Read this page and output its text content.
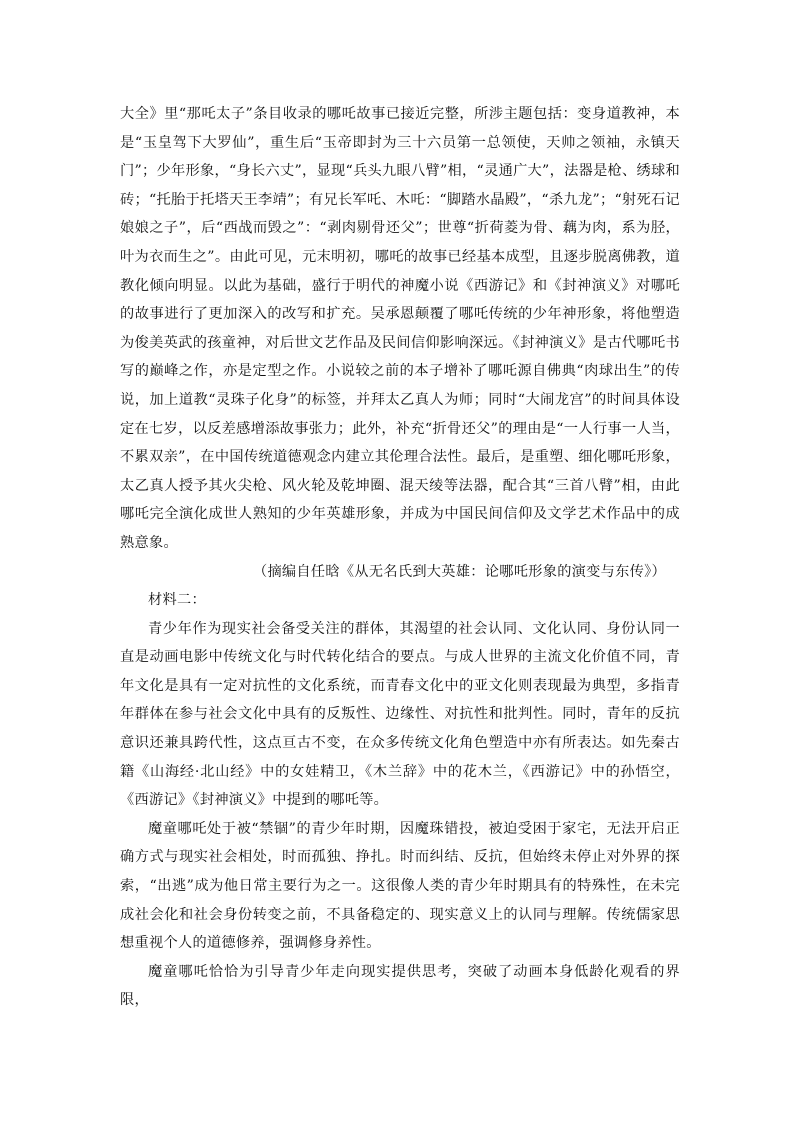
大全》里“那吒太子”条目收录的哪吒故事已接近完整，所涉主题包括：变身道教神，本是“玉皇驾下大罗仙”，重生后“玉帝即封为三十六员第一总领使，天帅之领袖，永镇天门”；少年形象，“身长六丈”，显现“兵头九眼八臂”相，“灵通广大”，法器是枪、绣球和砖；“托胎于托塔天王李靖”；有兄长军吒、木吒：“脚踏水晶殿”，“杀九龙”；“射死石记娘娘之子”，后“西战而毁之”：“剥肉剔骨还父”；世尊“折荷菱为骨、藕为肉，系为胫，叶为衣而生之”。由此可见，元末明初，哪吒的故事已经基本成型，且逐步脱离佛教，道教化倾向明显。以此为基础，盛行于明代的神魔小说《西游记》和《封神演义》对哪吒的故事进行了更加深入的改写和扩充。吴承恩颠覆了哪吒传统的少年神形象，将他塑造为俊美英武的孩童神，对后世文艺作品及民间信仰影响深远。《封神演义》是古代哪吒书写的巅峰之作，亦是定型之作。小说较之前的本子增补了哪吒源自佛典“肉球出生”的传说，加上道教“灵珠子化身”的标签，并拜太乙真人为师；同时“大闹龙宫”的时间具体设定在七岁，以反差感增添故事张力；此外，补充“折骨还父”的理由是“一人行事一人当，不累双亲”，在中国传统道德观念内建立其伦理合法性。最后，是重塑、细化哪吒形象，太乙真人授予其火尖枪、风火轮及乾坤圈、混天绫等法器，配合其“三首八臂”相，由此哪吒完全演化成世人熟知的少年英雄形象，并成为中国民间信仰及文学艺术作品中的成熟意象。

（摘编自任晗《从无名氏到大英雄：论哪吒形象的演变与东传》）

材料二：

青少年作为现实社会备受关注的群体，其渴望的社会认同、文化认同、身份认同一直是动画电影中传统文化与时代转化结合的要点。与成人世界的主流文化价值不同，青年文化是具有一定对抗性的文化系统，而青春文化中的亚文化则表现最为典型，多指青年群体在参与社会文化中具有的反叛性、边缘性、对抗性和批判性。同时，青年的反抗意识还兼具跨代性，这点亘古不变，在众多传统文化角色塑造中亦有所表达。如先秦古籍《山海经·北山经》中的女娃精卫，《木兰辞》中的花木兰，《西游记》中的孙悟空，《西游记》《封神演义》中提到的哪吒等。

魔童哪吒处于被“禁锢”的青少年时期，因魔珠错投，被迫受困于家宅，无法开启正确方式与现实社会相处，时而孤独、挣扎。时而纠结、反抗，但始终未停止对外界的探索，“出逃”成为他日常主要行为之一。这很像人类的青少年时期具有的特殊性，在未完成社会化和社会身份转变之前，不具备稳定的、现实意义上的认同与理解。传统儒家思想重视个人的道德修养，强调修身养性。

魔童哪吒恰恰为引导青少年走向现实提供思考，突破了动画本身低龄化观看的界限，
